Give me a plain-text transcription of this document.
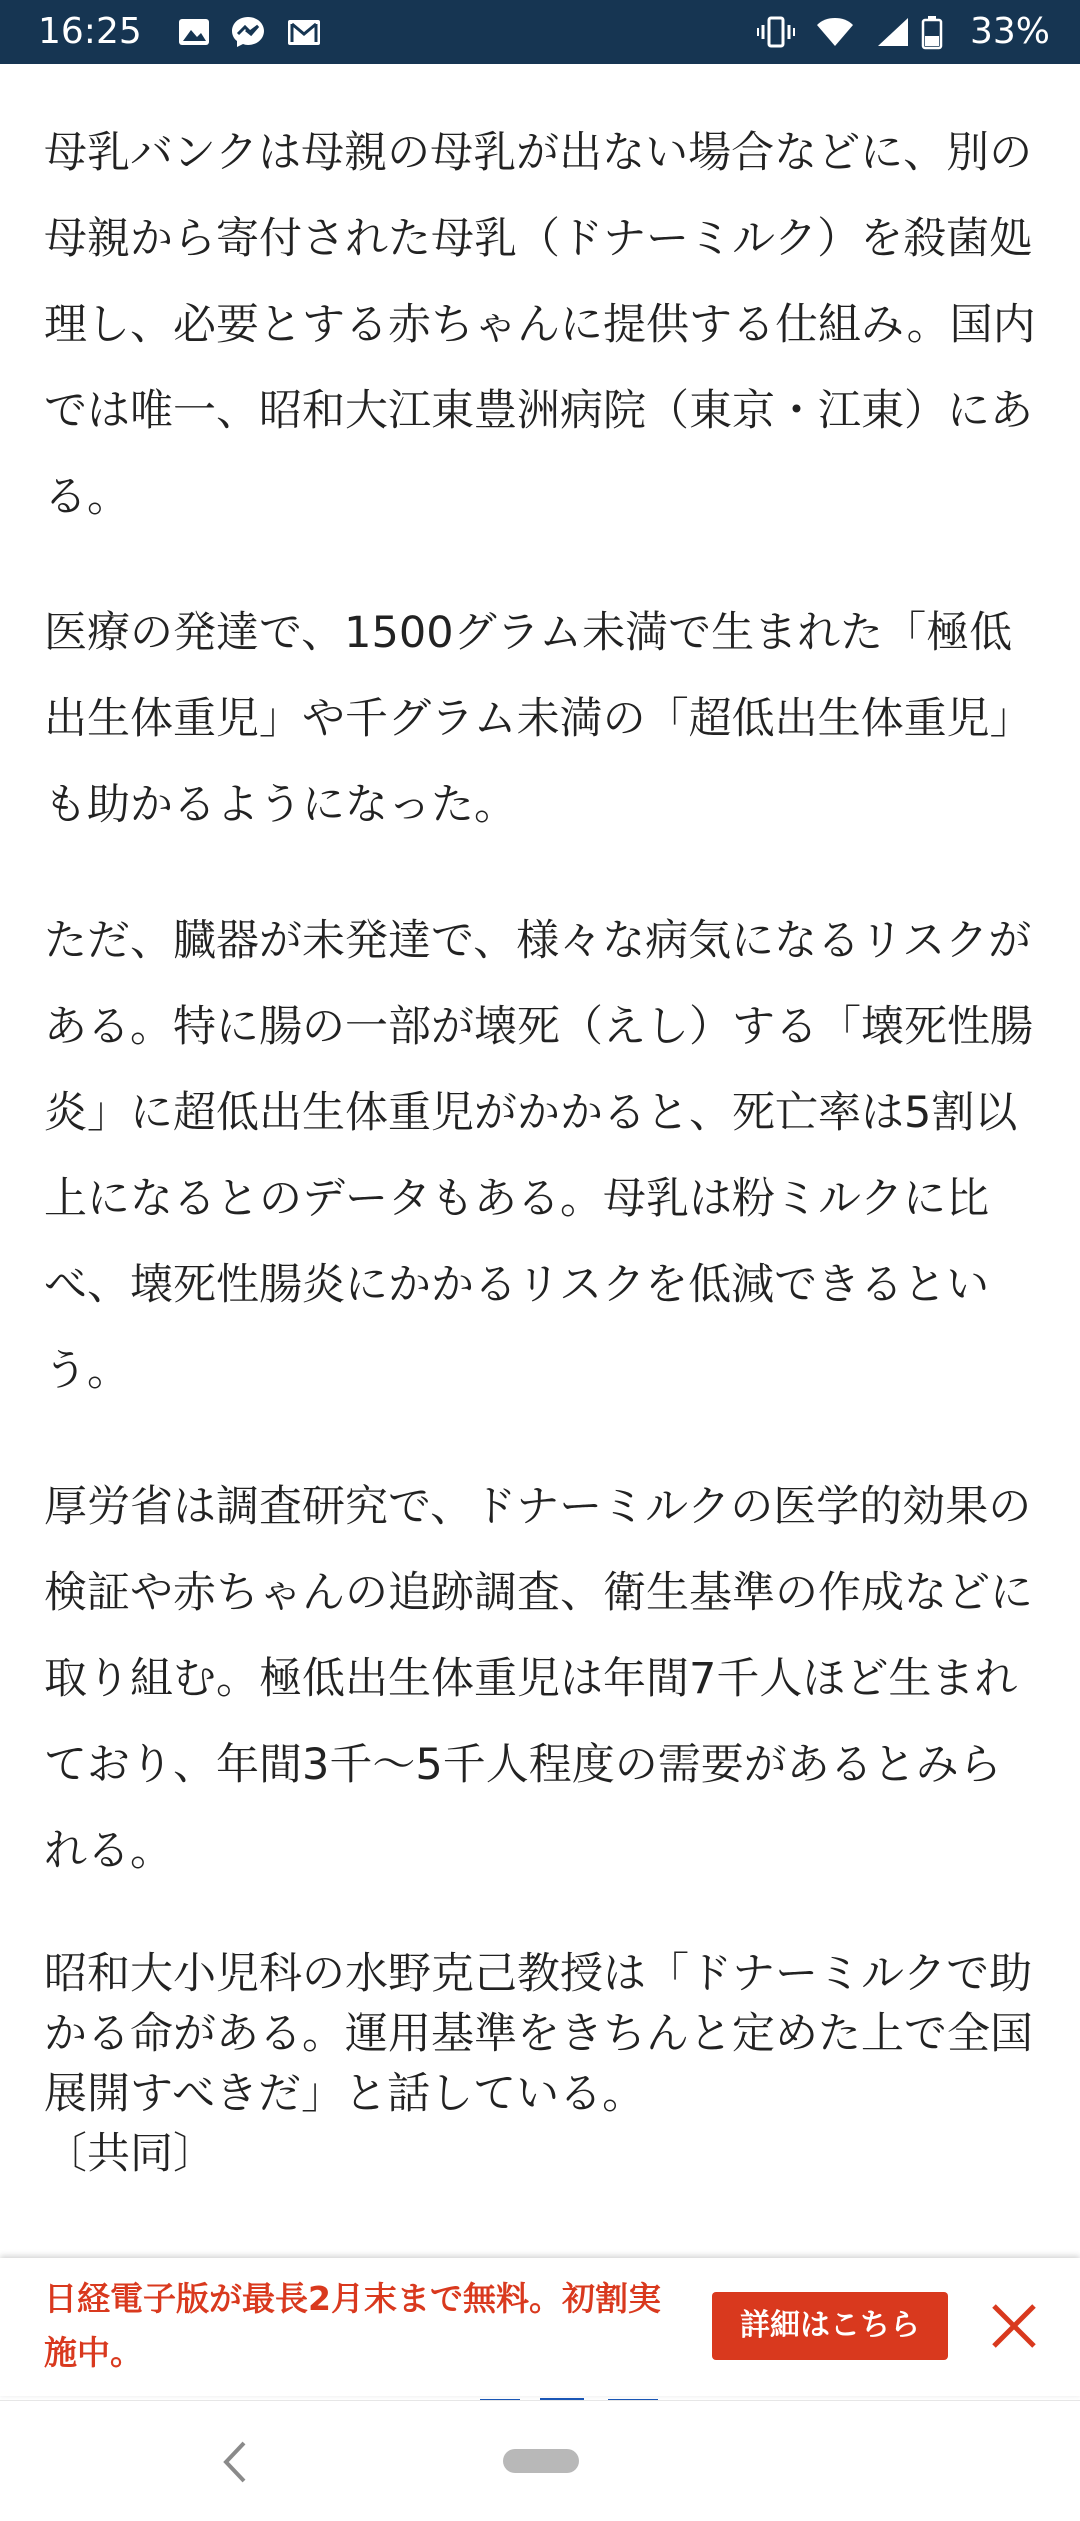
16:25	33%

母乳バンクは母親の母乳が出ない場合などに、別の母親から寄付された母乳（ドナーミルク）を殺菌処理し、必要とする赤ちゃんに提供する仕組み。国内では唯一、昭和大江東豊洲病院（東京・江東）にある。

医療の発達で、1500グラム未満で生まれた「極低出生体重児」や千グラム未満の「超低出生体重児」も助かるようになった。

ただ、臓器が未発達で、様々な病気になるリスクがある。特に腸の一部が壊死（えし）する「壊死性腸炎」に超低出生体重児がかかると、死亡率は5割以上になるとのデータもある。母乳は粉ミルクに比べ、壊死性腸炎にかかるリスクを低減できるという。

厚労省は調査研究で、ドナーミルクの医学的効果の検証や赤ちゃんの追跡調査、衛生基準の作成などに取り組む。極低出生体重児は年間7千人ほど生まれており、年間3千～5千人程度の需要があるとみられる。

昭和大小児科の水野克己教授は「ドナーミルクで助かる命がある。運用基準をきちんと定めた上で全国展開すべきだ」と話している。

〔共同〕

日経電子版が最長2月末まで無料。初割実施中。
詳細はこちら
